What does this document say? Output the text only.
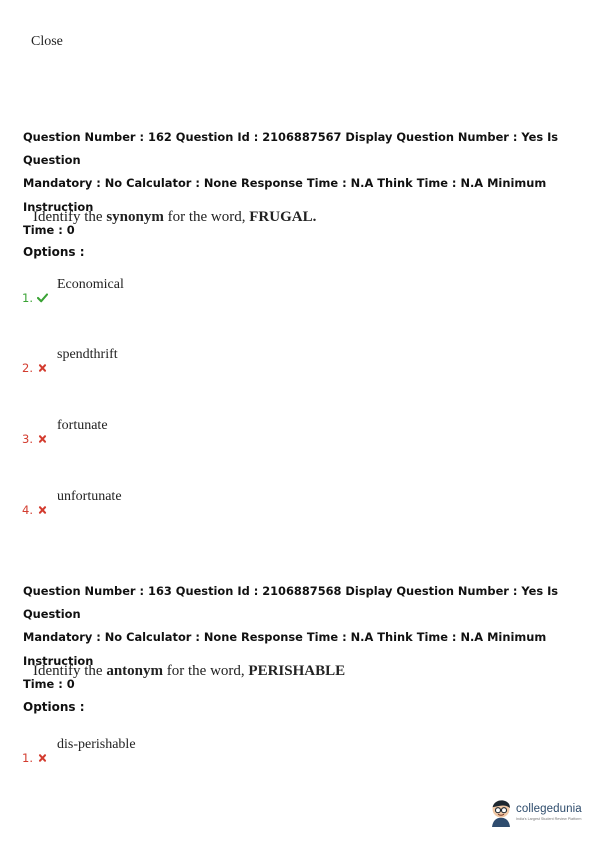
Close
Question Number : 162 Question Id : 2106887567 Display Question Number : Yes Is Question
Mandatory : No Calculator : None Response Time : N.A Think Time : N.A Minimum Instruction
Time : 0
Identify the synonym for the word, FRUGAL.
Options :
Economical
1.
spendthrift
2.
fortunate
3.
unfortunate
4.
Question Number : 163 Question Id : 2106887568 Display Question Number : Yes Is Question
Mandatory : No Calculator : None Response Time : N.A Think Time : N.A Minimum Instruction
Time : 0
Identify the antonym for the word, PERISHABLE
Options :
dis-perishable
1.
collegedunia
India's Largest Student Review Platform
